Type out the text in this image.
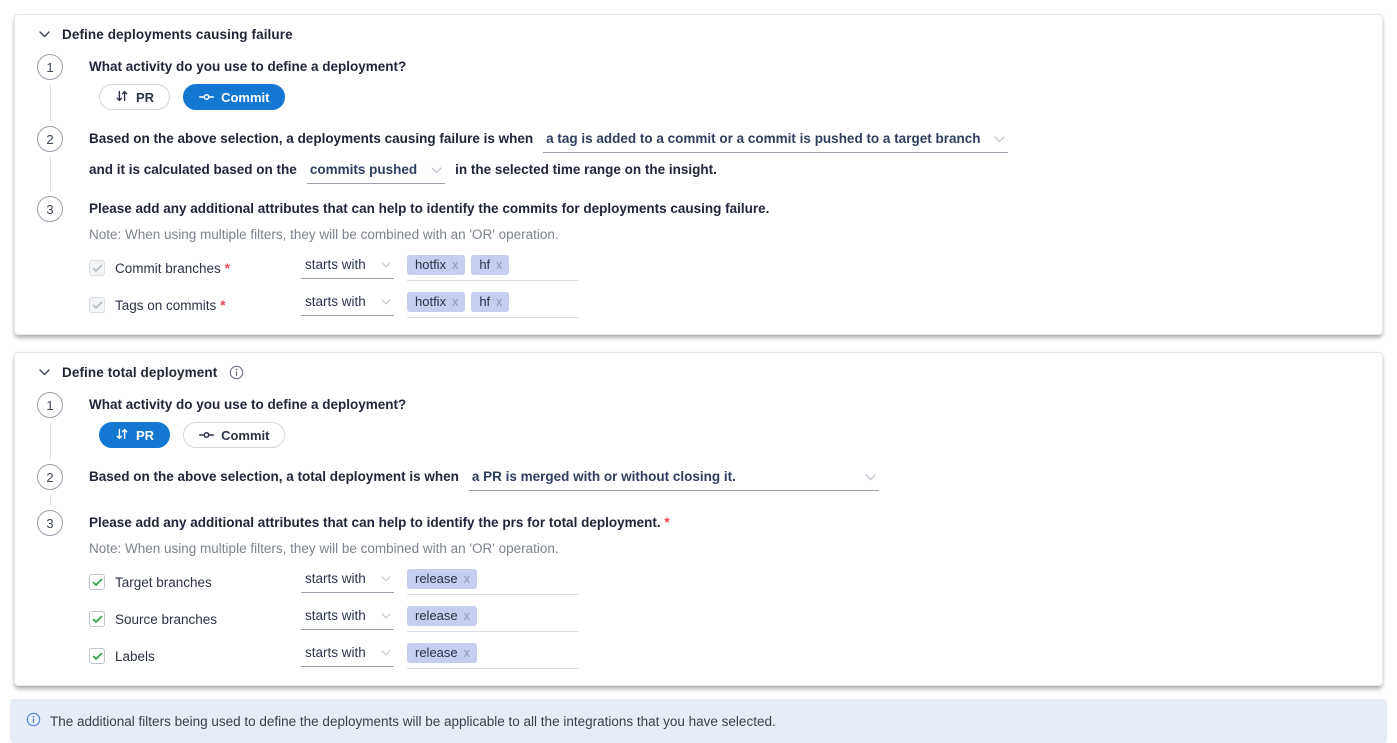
Define deployments causing failure
1	What activity do you use to define a deployment?
PR	Commit
2	Based on the above selection, a deployments causing failure is when a tag is added to a commit or a commit is pushed to a target branch
and it is calculated based on the commits pushed	in the selected time range on the insight.
3	Please add any additional attributes that can help to identify the commits for deployments causing failure.
Note: When using multiple filters, they will be combined with an 'OR' operation.
Commit branches *	starts with	hotfix x hf x
Tags on commits *	starts with	hotfix x hf x
Define total deployment
1	What activity do you use to define a deployment?
PR	Commit
2	Based on the above selection, a total deployment is when a PR is merged with or without closing it.
3	Please add any additional attributes that can help to identify the prs for total deployment. *
Note: When using multiple filters, they will be combined with an 'OR' operation.
Target branches	starts with	release x
Source branches	starts with	release x
Labels	starts with	release x
The additional filters being used to define the deployments will be applicable to all the integrations that you have selected.
